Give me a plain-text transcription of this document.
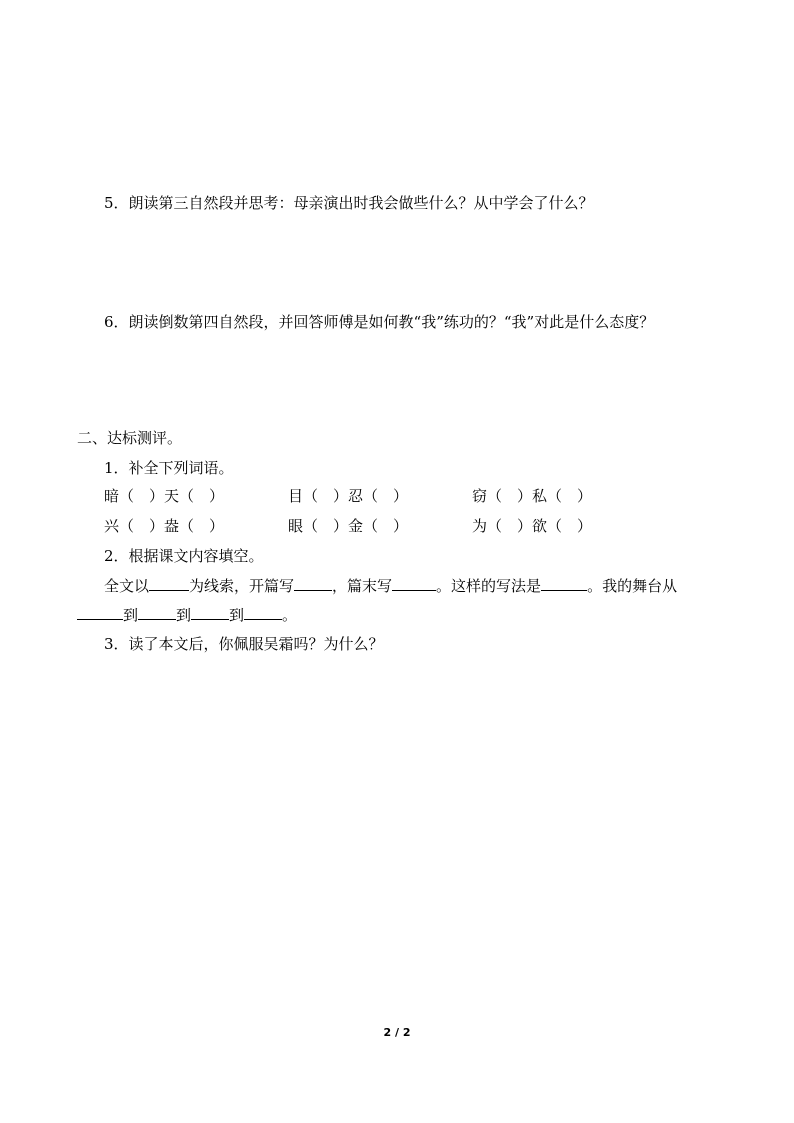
5．朗读第三自然段并思考：母亲演出时我会做些什么？从中学会了什么？
6．朗读倒数第四自然段，并回答师傅是如何教“我”练功的？“我”对此是什么态度？
二、达标测评。
1．补全下列词语。
暗（　）天（　）	目（　）忍（　）	窃（　）私（　）
兴（　）盎（　）	眼（　）金（　）	为（　）欲（　）
2．根据课文内容填空。
全文以	为线索，开篇写	，篇末写	。这样的写法是	。我的舞台从
到	到	到	。
3．读了本文后，你佩服吴霜吗？为什么？
2 / 2
